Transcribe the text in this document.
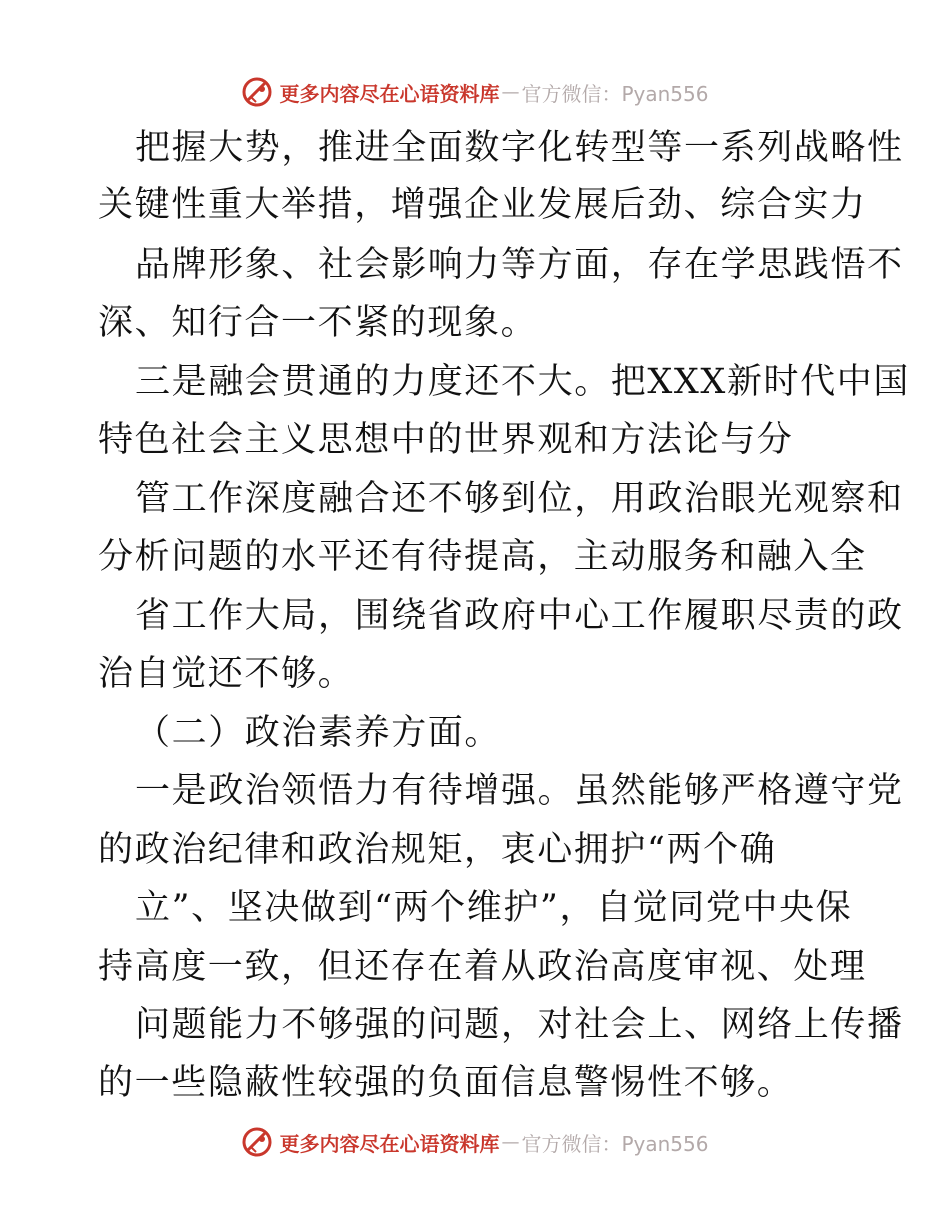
更多内容尽在心语资料库 — 官方微信：Pyan556
把握大势，推进全面数字化转型等一系列战略性
关键性重大举措，增强企业发展后劲、综合实力
品牌形象、社会影响力等方面，存在学思践悟不
深、知行合一不紧的现象。
三是融会贯通的力度还不大。把XXX新时代中国
特色社会主义思想中的世界观和方法论与分
管工作深度融合还不够到位，用政治眼光观察和
分析问题的水平还有待提高，主动服务和融入全
省工作大局，围绕省政府中心工作履职尽责的政
治自觉还不够。
（二）政治素养方面。
一是政治领悟力有待增强。虽然能够严格遵守党
的政治纪律和政治规矩，衷心拥护“两个确
立”、坚决做到“两个维护”，自觉同党中央保
持高度一致，但还存在着从政治高度审视、处理
问题能力不够强的问题，对社会上、网络上传播
的一些隐蔽性较强的负面信息警惕性不够。
更多内容尽在心语资料库 — 官方微信：Pyan556
